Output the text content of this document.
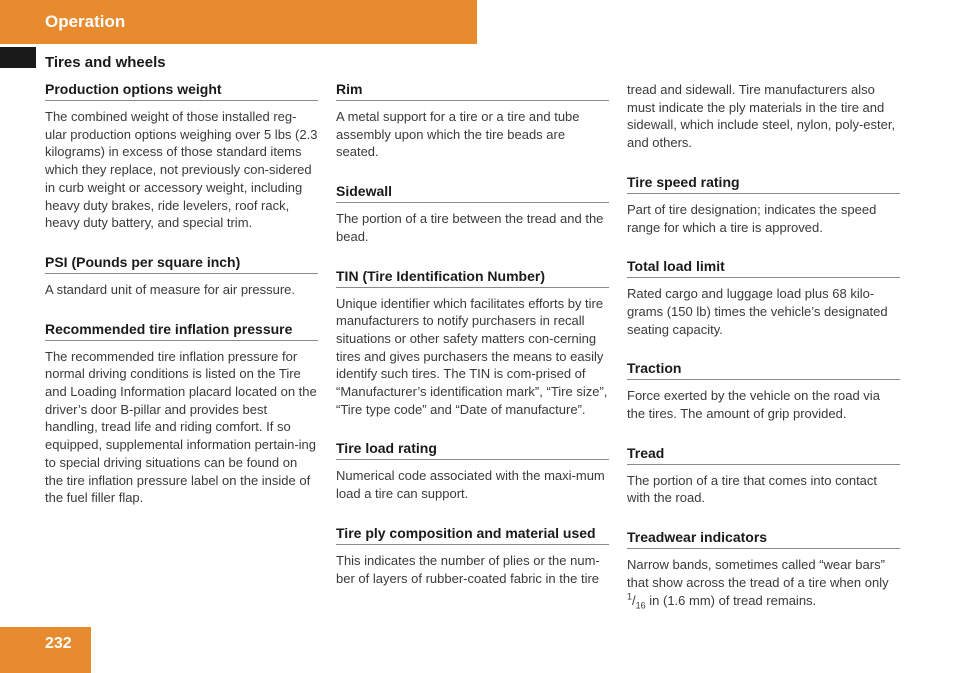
Operation
Tires and wheels
Production options weight
The combined weight of those installed reg-ular production options weighing over 5 lbs (2.3 kilograms) in excess of those standard items which they replace, not previously con-sidered in curb weight or accessory weight, including heavy duty brakes, ride levelers, roof rack, heavy duty battery, and special trim.
PSI (Pounds per square inch)
A standard unit of measure for air pressure.
Recommended tire inflation pressure
The recommended tire inflation pressure for normal driving conditions is listed on the Tire and Loading Information placard located on the driver’s door B-pillar and provides best handling, tread life and riding comfort. If so equipped, supplemental information pertain-ing to special driving situations can be found on the tire inflation pressure label on the inside of the fuel filler flap.
Rim
A metal support for a tire or a tire and tube assembly upon which the tire beads are seated.
Sidewall
The portion of a tire between the tread and the bead.
TIN (Tire Identification Number)
Unique identifier which facilitates efforts by tire manufacturers to notify purchasers in recall situations or other safety matters con-cerning tires and gives purchasers the means to easily identify such tires. The TIN is com-prised of “Manufacturer’s identification mark”, “Tire size”, “Tire type code” and “Date of manufacture”.
Tire load rating
Numerical code associated with the maxi-mum load a tire can support.
Tire ply composition and material used
This indicates the number of plies or the num-ber of layers of rubber-coated fabric in the tire
tread and sidewall. Tire manufacturers also must indicate the ply materials in the tire and sidewall, which include steel, nylon, poly-ester, and others.
Tire speed rating
Part of tire designation; indicates the speed range for which a tire is approved.
Total load limit
Rated cargo and luggage load plus 68 kilo-grams (150 lb) times the vehicle’s designated seating capacity.
Traction
Force exerted by the vehicle on the road via the tires. The amount of grip provided.
Tread
The portion of a tire that comes into contact with the road.
Treadwear indicators
Narrow bands, sometimes called “wear bars” that show across the tread of a tire when only $^1/_{16}$ in (1.6 mm) of tread remains.
232
